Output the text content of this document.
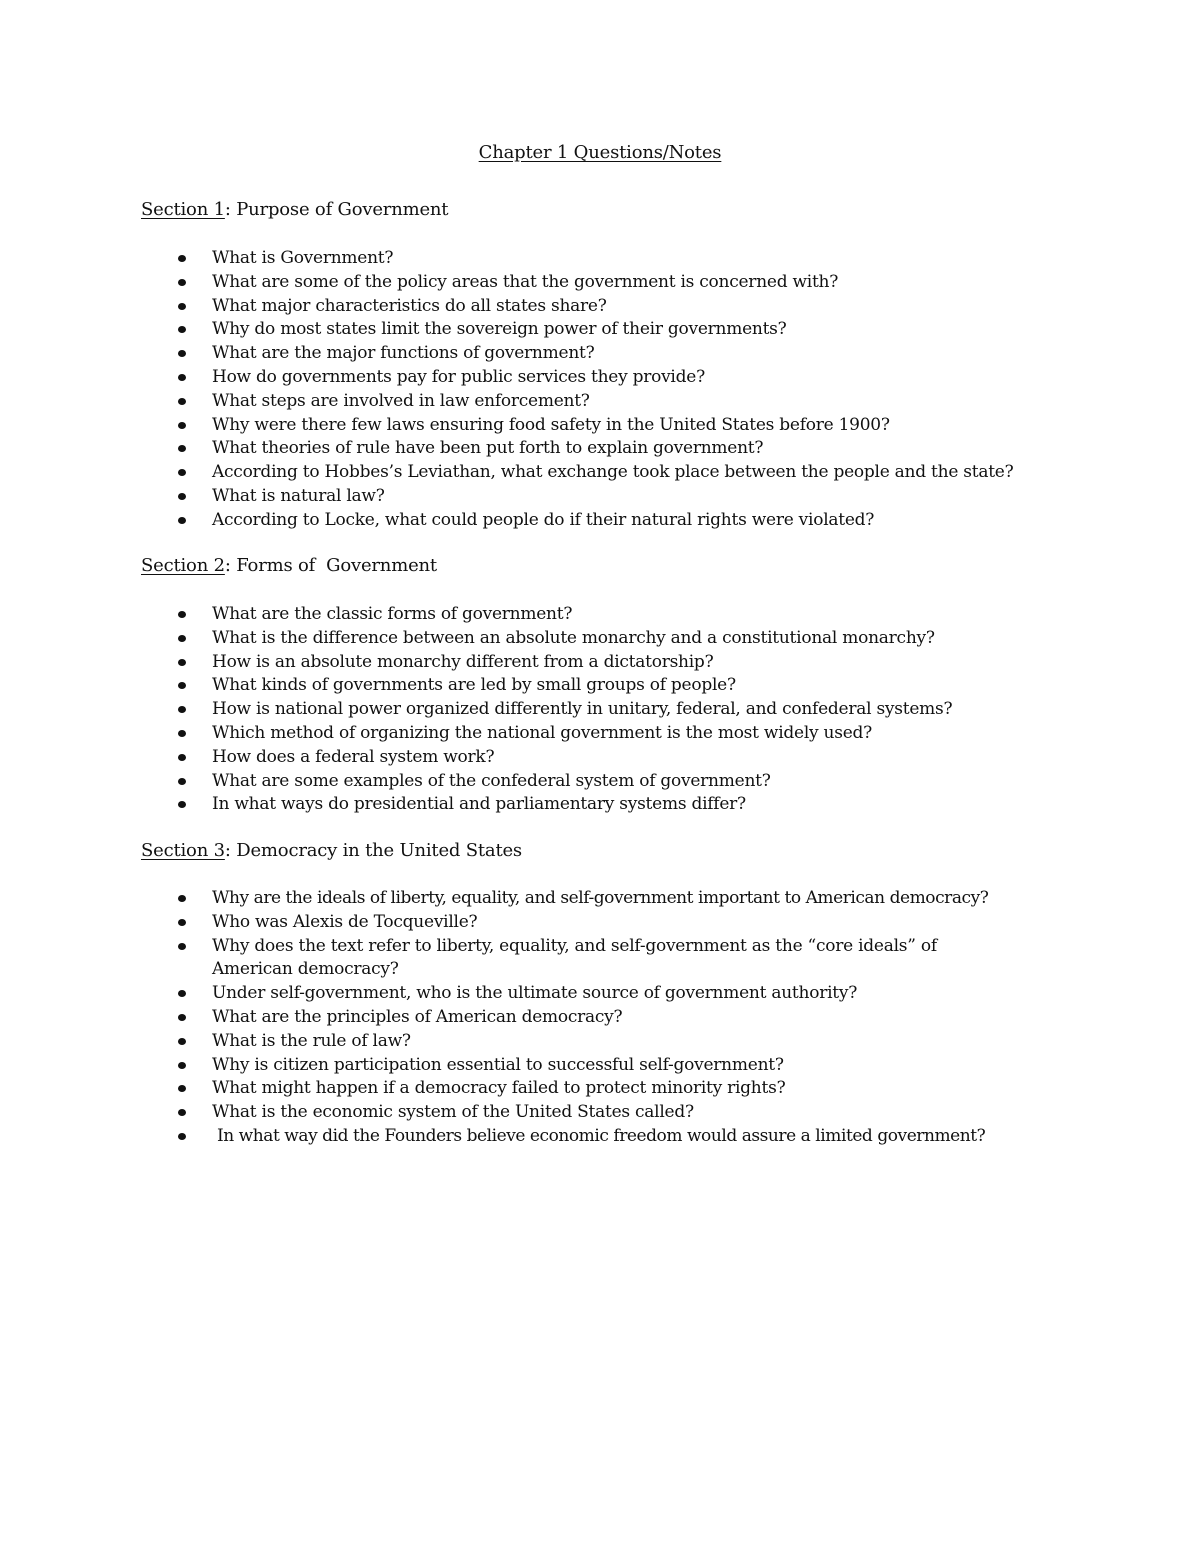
Chapter 1 Questions/Notes
Section 1: Purpose of Government
What is Government?
What are some of the policy areas that the government is concerned with?
What major characteristics do all states share?
Why do most states limit the sovereign power of their governments?
What are the major functions of government?
How do governments pay for public services they provide?
What steps are involved in law enforcement?
Why were there few laws ensuring food safety in the United States before 1900?
What theories of rule have been put forth to explain government?
According to Hobbes’s Leviathan, what exchange took place between the people and the state?
What is natural law?
According to Locke, what could people do if their natural rights were violated?
Section 2: Forms of  Government
What are the classic forms of government?
What is the difference between an absolute monarchy and a constitutional monarchy?
How is an absolute monarchy different from a dictatorship?
What kinds of governments are led by small groups of people?
How is national power organized differently in unitary, federal, and confederal systems?
Which method of organizing the national government is the most widely used?
How does a federal system work?
What are some examples of the confederal system of government?
In what ways do presidential and parliamentary systems differ?
Section 3: Democracy in the United States
Why are the ideals of liberty, equality, and self-government important to American democracy?
Who was Alexis de Tocqueville?
Why does the text refer to liberty, equality, and self-government as the “core ideals” of American democracy?
Under self-government, who is the ultimate source of government authority?
What are the principles of American democracy?
What is the rule of law?
Why is citizen participation essential to successful self-government?
What might happen if a democracy failed to protect minority rights?
What is the economic system of the United States called?
In what way did the Founders believe economic freedom would assure a limited government?
